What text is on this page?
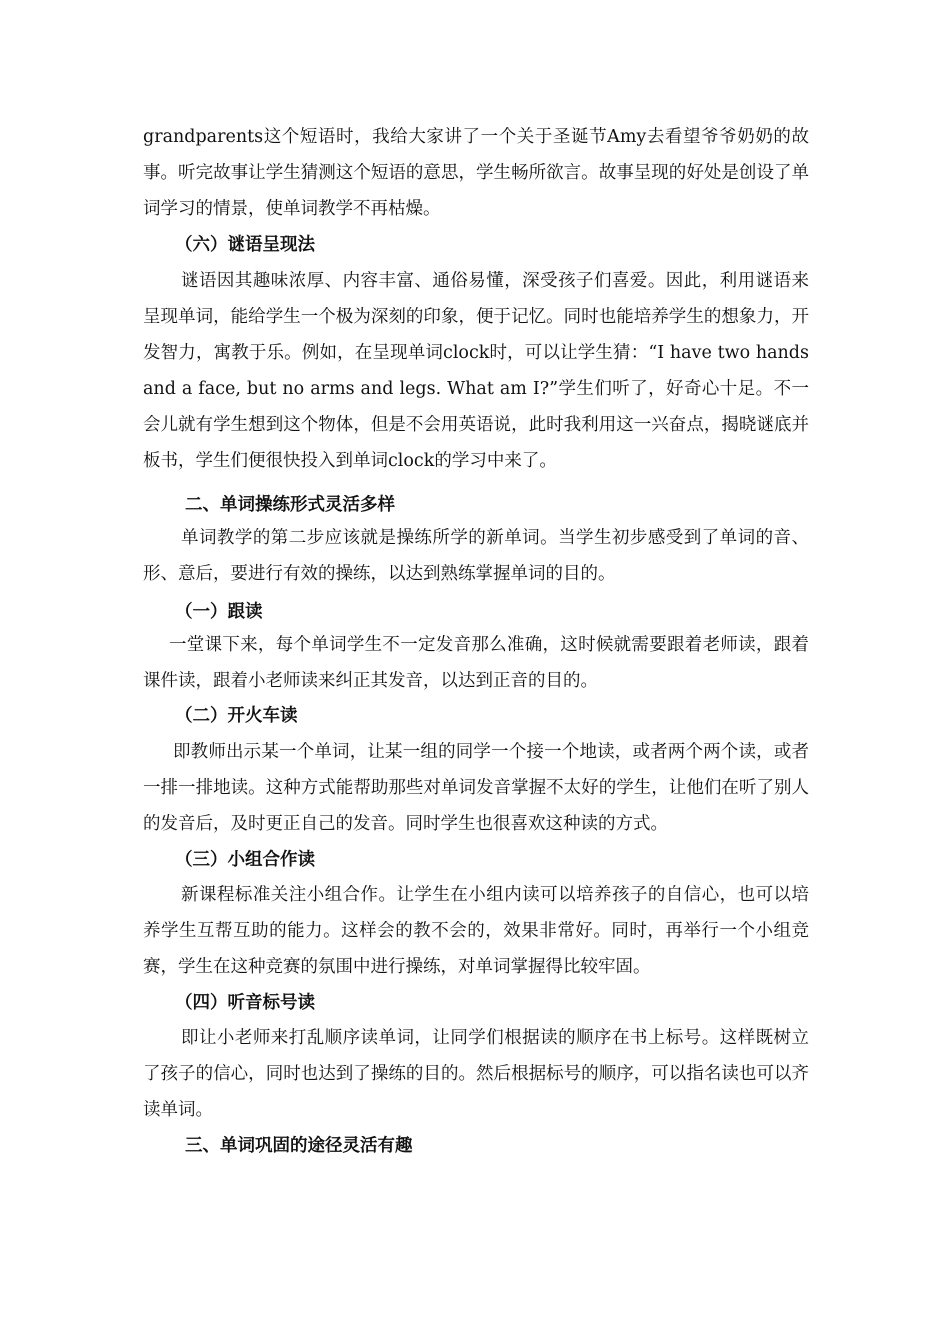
grandparents这个短语时，我给大家讲了一个关于圣诞节Amy去看望爷爷奶奶的故事。听完故事让学生猜测这个短语的意思，学生畅所欲言。故事呈现的好处是创设了单词学习的情景，使单词教学不再枯燥。

（六）谜语呈现法

谜语因其趣味浓厚、内容丰富、通俗易懂，深受孩子们喜爱。因此，利用谜语来呈现单词，能给学生一个极为深刻的印象，便于记忆。同时也能培养学生的想象力，开发智力，寓教于乐。例如，在呈现单词clock时，可以让学生猜：“I have two hands and a face, but no arms and legs. What am I?”学生们听了，好奇心十足。不一会儿就有学生想到这个物体，但是不会用英语说，此时我利用这一兴奋点，揭晓谜底并板书，学生们便很快投入到单词clock的学习中来了。

二、单词操练形式灵活多样

单词教学的第二步应该就是操练所学的新单词。当学生初步感受到了单词的音、形、意后，要进行有效的操练，以达到熟练掌握单词的目的。

（一）跟读

一堂课下来，每个单词学生不一定发音那么准确，这时候就需要跟着老师读，跟着课件读，跟着小老师读来纠正其发音，以达到正音的目的。

（二）开火车读

即教师出示某一个单词，让某一组的同学一个接一个地读，或者两个两个读，或者一排一排地读。这种方式能帮助那些对单词发音掌握不太好的学生，让他们在听了别人的发音后，及时更正自己的发音。同时学生也很喜欢这种读的方式。

（三）小组合作读

新课程标准关注小组合作。让学生在小组内读可以培养孩子的自信心，也可以培养学生互帮互助的能力。这样会的教不会的，效果非常好。同时，再举行一个小组竞赛，学生在这种竞赛的氛围中进行操练，对单词掌握得比较牢固。

（四）听音标号读

即让小老师来打乱顺序读单词，让同学们根据读的顺序在书上标号。这样既树立了孩子的信心，同时也达到了操练的目的。然后根据标号的顺序，可以指名读也可以齐读单词。

三、单词巩固的途径灵活有趣
